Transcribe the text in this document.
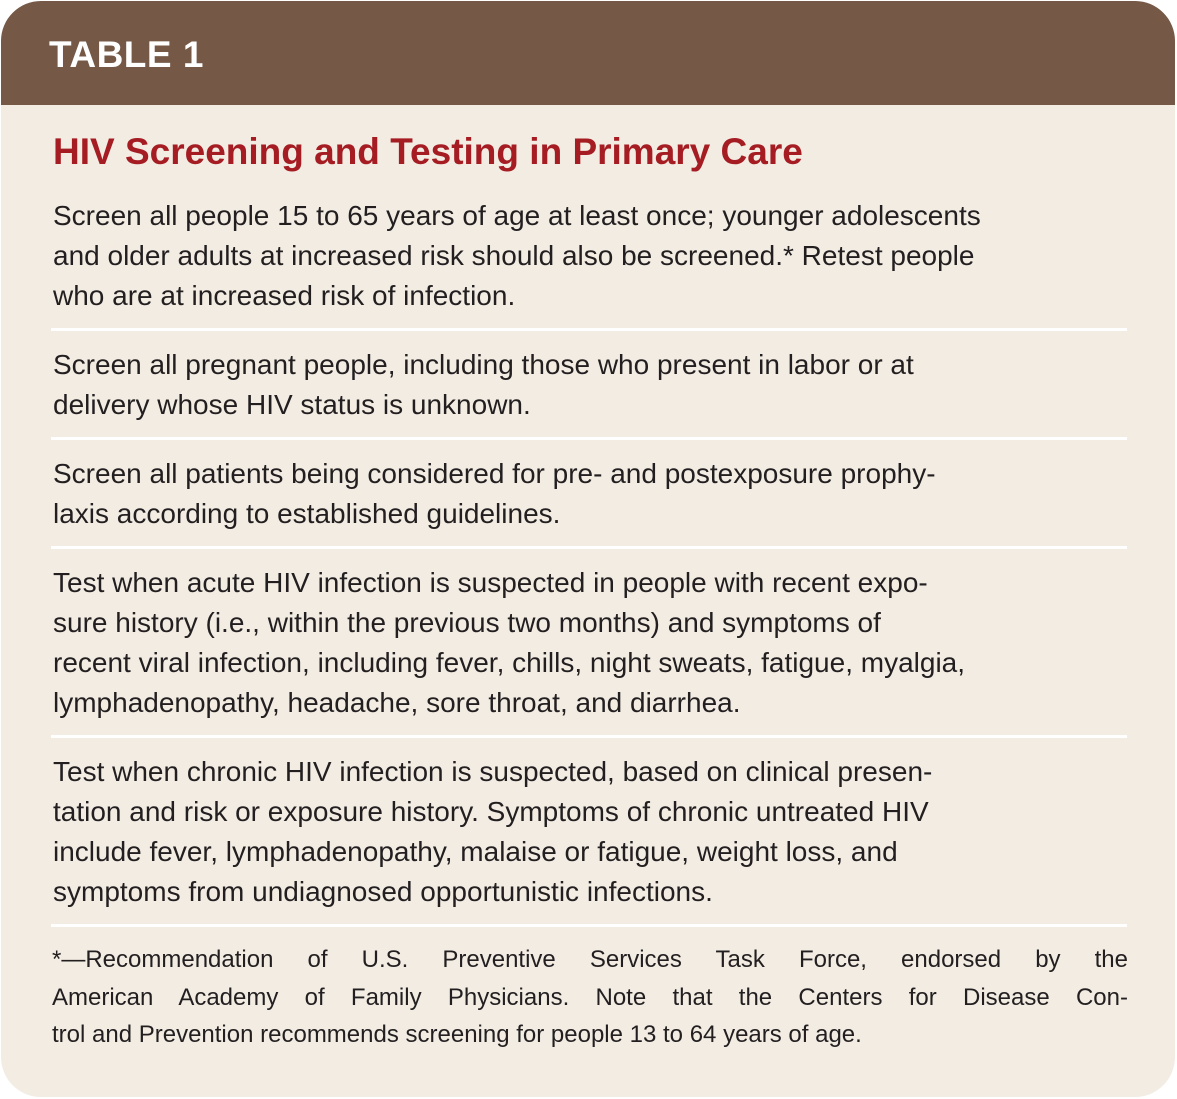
TABLE 1
HIV Screening and Testing in Primary Care
Screen all people 15 to 65 years of age at least once; younger adolescents
and older adults at increased risk should also be screened.* Retest people
who are at increased risk of infection.
Screen all pregnant people, including those who present in labor or at
delivery whose HIV status is unknown.
Screen all patients being considered for pre- and postexposure prophy-
laxis according to established guidelines.
Test when acute HIV infection is suspected in people with recent expo-
sure history (i.e., within the previous two months) and symptoms of
recent viral infection, including fever, chills, night sweats, fatigue, myalgia,
lymphadenopathy, headache, sore throat, and diarrhea.
Test when chronic HIV infection is suspected, based on clinical presen-
tation and risk or exposure history. Symptoms of chronic untreated HIV
include fever, lymphadenopathy, malaise or fatigue, weight loss, and
symptoms from undiagnosed opportunistic infections.
*—Recommendation of U.S. Preventive Services Task Force, endorsed by the
American Academy of Family Physicians. Note that the Centers for Disease Con-
trol and Prevention recommends screening for people 13 to 64 years of age.
